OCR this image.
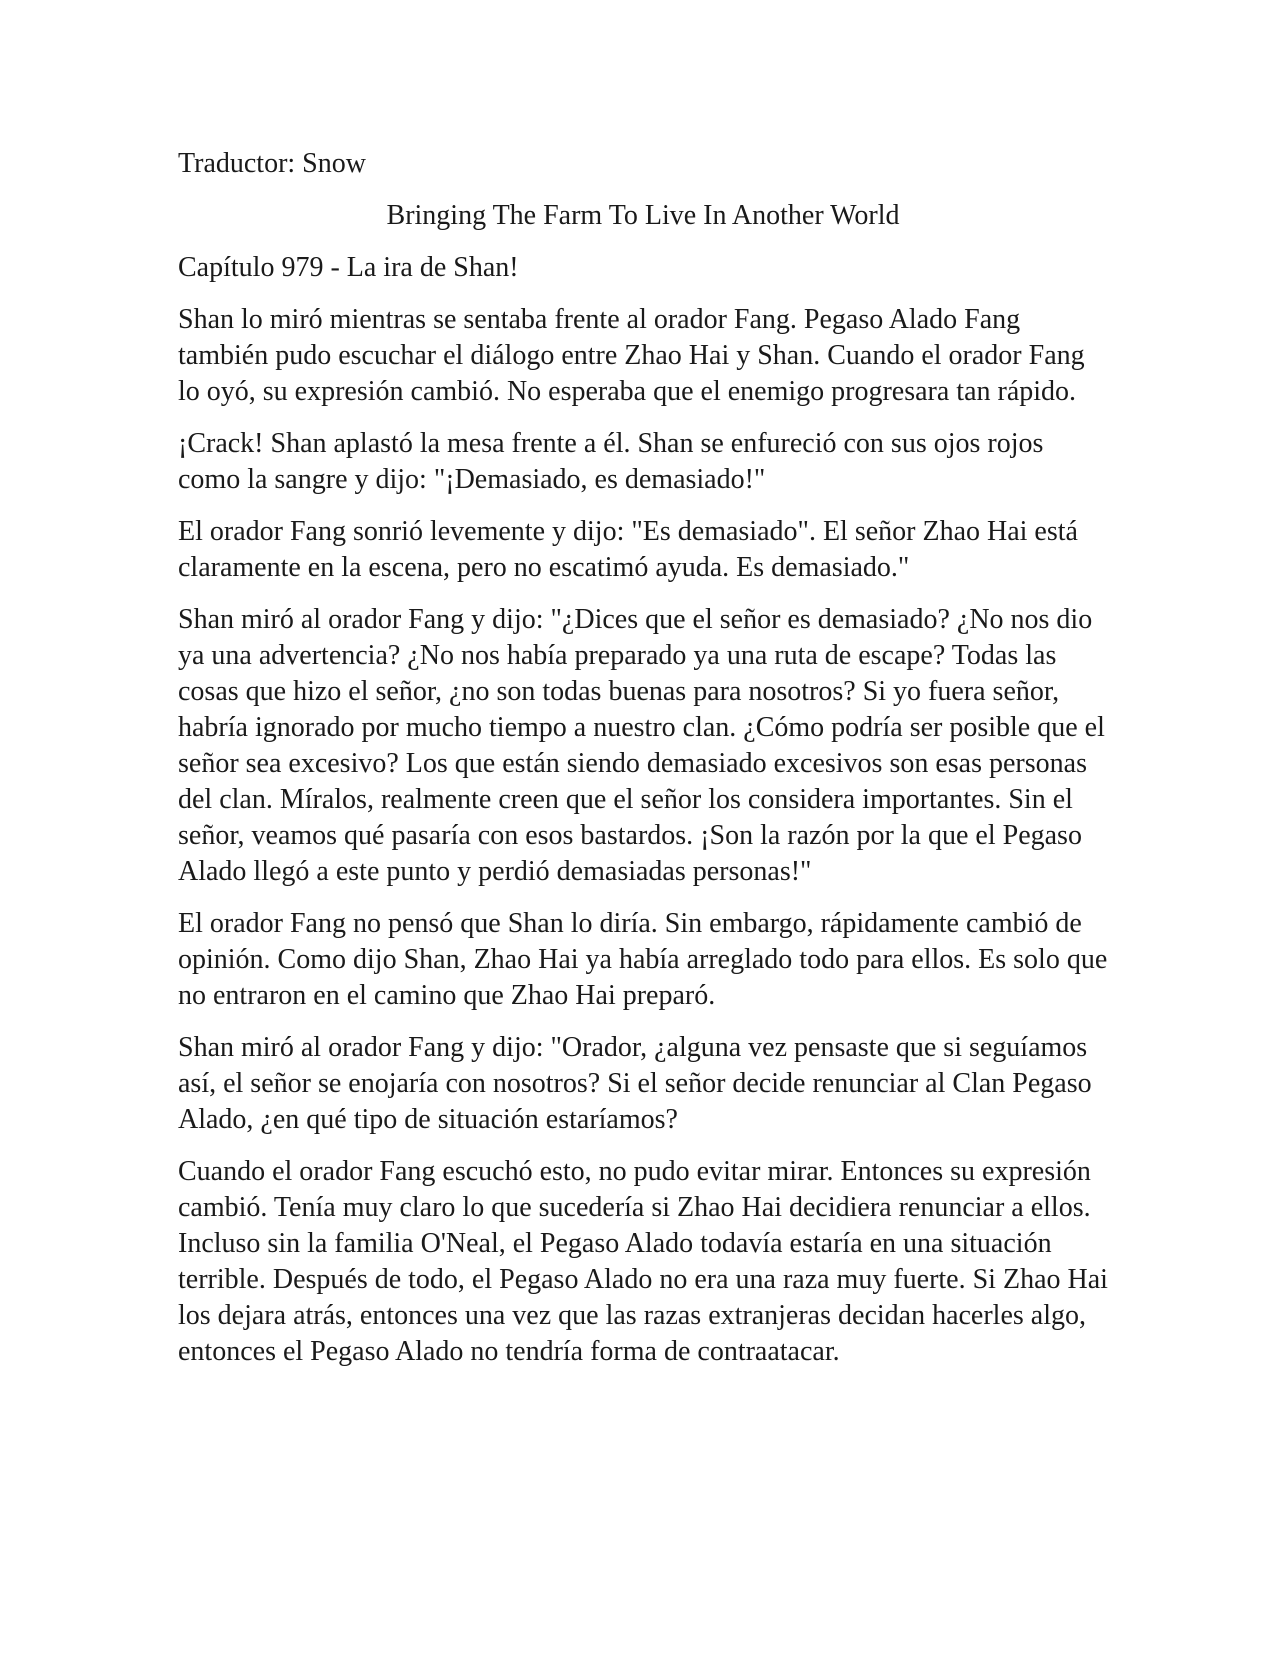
Traductor: Snow

Bringing The Farm To Live In Another World

Capítulo 979 - La ira de Shan!

Shan lo miró mientras se sentaba frente al orador Fang. Pegaso Alado Fang también pudo escuchar el diálogo entre Zhao Hai y Shan. Cuando el orador Fang lo oyó, su expresión cambió. No esperaba que el enemigo progresara tan rápido.

¡Crack! Shan aplastó la mesa frente a él. Shan se enfureció con sus ojos rojos como la sangre y dijo: "¡Demasiado, es demasiado!"

El orador Fang sonrió levemente y dijo: "Es demasiado". El señor Zhao Hai está claramente en la escena, pero no escatimó ayuda. Es demasiado."

Shan miró al orador Fang y dijo: "¿Dices que el señor es demasiado? ¿No nos dio ya una advertencia? ¿No nos había preparado ya una ruta de escape? Todas las cosas que hizo el señor, ¿no son todas buenas para nosotros? Si yo fuera señor, habría ignorado por mucho tiempo a nuestro clan. ¿Cómo podría ser posible que el señor sea excesivo? Los que están siendo demasiado excesivos son esas personas del clan. Míralos, realmente creen que el señor los considera importantes. Sin el señor, veamos qué pasaría con esos bastardos. ¡Son la razón por la que el Pegaso Alado llegó a este punto y perdió demasiadas personas!"

El orador Fang no pensó que Shan lo diría. Sin embargo, rápidamente cambió de opinión. Como dijo Shan, Zhao Hai ya había arreglado todo para ellos. Es solo que no entraron en el camino que Zhao Hai preparó.

Shan miró al orador Fang y dijo: "Orador, ¿alguna vez pensaste que si seguíamos así, el señor se enojaría con nosotros? Si el señor decide renunciar al Clan Pegaso Alado, ¿en qué tipo de situación estaríamos?

Cuando el orador Fang escuchó esto, no pudo evitar mirar. Entonces su expresión cambió. Tenía muy claro lo que sucedería si Zhao Hai decidiera renunciar a ellos. Incluso sin la familia O'Neal, el Pegaso Alado todavía estaría en una situación terrible. Después de todo, el Pegaso Alado no era una raza muy fuerte. Si Zhao Hai los dejara atrás, entonces una vez que las razas extranjeras decidan hacerles algo, entonces el Pegaso Alado no tendría forma de contraatacar.
